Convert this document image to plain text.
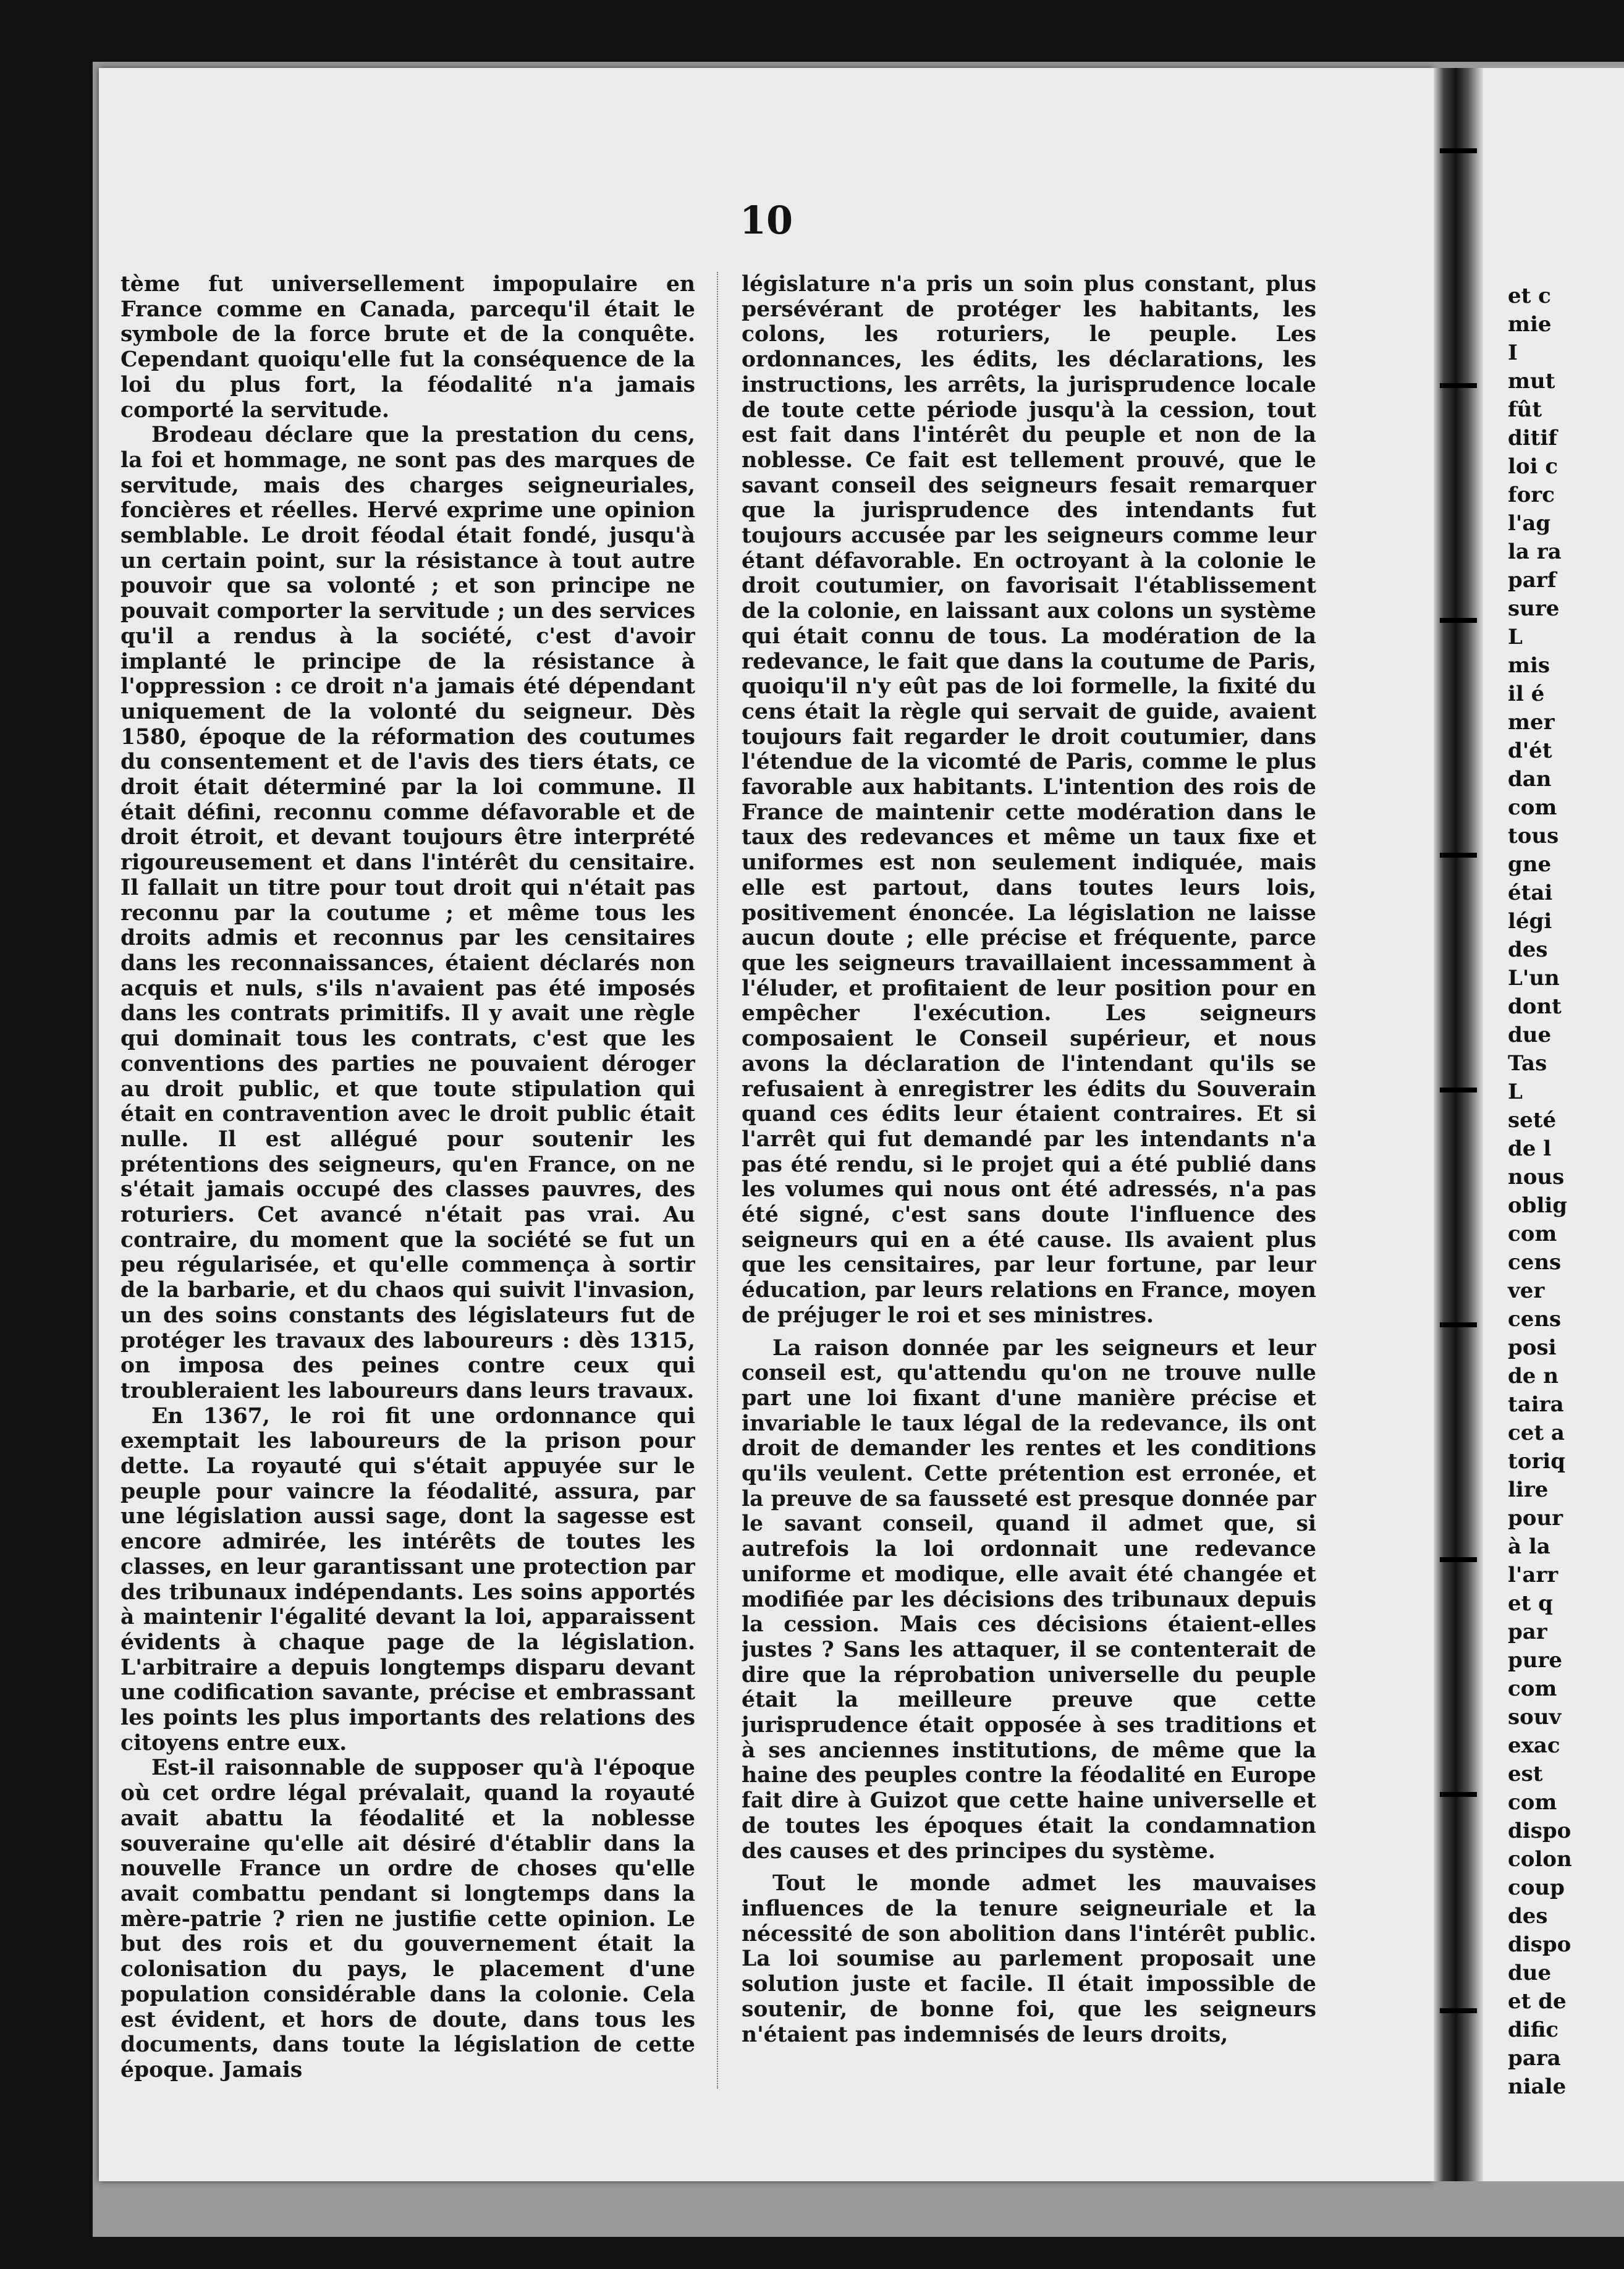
10

tème fut universellement impopulaire en France comme en Canada, parcequ'il était le symbole de la force brute et de la conquête. Cependant quoiqu'elle fut la conséquence de la loi du plus fort, la féodalité n'a jamais comporté la servitude.

Brodeau déclare que la prestation du cens, la foi et hommage, ne sont pas des marques de servitude, mais des charges seigneuriales, foncières et réelles. Hervé exprime une opinion semblable. Le droit féodal était fondé, jusqu'à un certain point, sur la résistance à tout autre pouvoir que sa volonté ; et son principe ne pouvait comporter la servitude ; un des services qu'il a rendus à la société, c'est d'avoir implanté le principe de la résistance à l'oppression : ce droit n'a jamais été dépendant uniquement de la volonté du seigneur. Dès 1580, époque de la réformation des coutumes du consentement et de l'avis des tiers états, ce droit était déterminé par la loi commune. Il était défini, reconnu comme défavorable et de droit étroit, et devant toujours être interprété rigoureusement et dans l'intérêt du censitaire. Il fallait un titre pour tout droit qui n'était pas reconnu par la coutume ; et même tous les droits admis et reconnus par les censitaires dans les reconnaissances, étaient déclarés non acquis et nuls, s'ils n'avaient pas été imposés dans les contrats primitifs. Il y avait une règle qui dominait tous les contrats, c'est que les conventions des parties ne pouvaient déroger au droit public, et que toute stipulation qui était en contravention avec le droit public était nulle. Il est allégué pour soutenir les prétentions des seigneurs, qu'en France, on ne s'était jamais occupé des classes pauvres, des roturiers. Cet avancé n'était pas vrai. Au contraire, du moment que la société se fut un peu régularisée, et qu'elle commença à sortir de la barbarie, et du chaos qui suivit l'invasion, un des soins constants des législateurs fut de protéger les travaux des laboureurs : dès 1315, on imposa des peines contre ceux qui troubleraient les laboureurs dans leurs travaux.

En 1367, le roi fit une ordonnance qui exemptait les laboureurs de la prison pour dette. La royauté qui s'était appuyée sur le peuple pour vaincre la féodalité, assura, par une législation aussi sage, dont la sagesse est encore admirée, les intérêts de toutes les classes, en leur garantissant une protection par des tribunaux indépendants. Les soins apportés à maintenir l'égalité devant la loi, apparaissent évidents à chaque page de la législation. L'arbitraire a depuis longtemps disparu devant une codification savante, précise et embrassant les points les plus importants des relations des citoyens entre eux.

Est-il raisonnable de supposer qu'à l'époque où cet ordre légal prévalait, quand la royauté avait abattu la féodalité et la noblesse souveraine qu'elle ait désiré d'établir dans la nouvelle France un ordre de choses qu'elle avait combattu pendant si longtemps dans la mère-patrie ? rien ne justifie cette opinion. Le but des rois et du gouvernement était la colonisation du pays, le placement d'une population considérable dans la colonie. Cela est évident, et hors de doute, dans tous les documents, dans toute la législation de cette époque. Jamais

législature n'a pris un soin plus constant, plus persévérant de protéger les habitants, les colons, les roturiers, le peuple. Les ordonnances, les édits, les déclarations, les instructions, les arrêts, la jurisprudence locale de toute cette période jusqu'à la cession, tout est fait dans l'intérêt du peuple et non de la noblesse. Ce fait est tellement prouvé, que le savant conseil des seigneurs fesait remarquer que la jurisprudence des intendants fut toujours accusée par les seigneurs comme leur étant défavorable. En octroyant à la colonie le droit coutumier, on favorisait l'établissement de la colonie, en laissant aux colons un système qui était connu de tous. La modération de la redevance, le fait que dans la coutume de Paris, quoiqu'il n'y eût pas de loi formelle, la fixité du cens était la règle qui servait de guide, avaient toujours fait regarder le droit coutumier, dans l'étendue de la vicomté de Paris, comme le plus favorable aux habitants. L'intention des rois de France de maintenir cette modération dans le taux des redevances et même un taux fixe et uniformes est non seulement indiquée, mais elle est partout, dans toutes leurs lois, positivement énoncée. La législation ne laisse aucun doute ; elle précise et fréquente, parce que les seigneurs travaillaient incessamment à l'éluder, et profitaient de leur position pour en empêcher l'exécution. Les seigneurs composaient le Conseil supérieur, et nous avons la déclaration de l'intendant qu'ils se refusaient à enregistrer les édits du Souverain quand ces édits leur étaient contraires. Et si l'arrêt qui fut demandé par les intendants n'a pas été rendu, si le projet qui a été publié dans les volumes qui nous ont été adressés, n'a pas été signé, c'est sans doute l'influence des seigneurs qui en a été cause. Ils avaient plus que les censitaires, par leur fortune, par leur éducation, par leurs relations en France, moyen de préjuger le roi et ses ministres.

La raison donnée par les seigneurs et leur conseil est, qu'attendu qu'on ne trouve nulle part une loi fixant d'une manière précise et invariable le taux légal de la redevance, ils ont droit de demander les rentes et les conditions qu'ils veulent. Cette prétention est erronée, et la preuve de sa fausseté est presque donnée par le savant conseil, quand il admet que, si autrefois la loi ordonnait une redevance uniforme et modique, elle avait été changée et modifiée par les décisions des tribunaux depuis la cession. Mais ces décisions étaient-elles justes ? Sans les attaquer, il se contenterait de dire que la réprobation universelle du peuple était la meilleure preuve que cette jurisprudence était opposée à ses traditions et à ses anciennes institutions, de même que la haine des peuples contre la féodalité en Europe fait dire à Guizot que cette haine universelle et de toutes les époques était la condamnation des causes et des principes du système.

Tout le monde admet les mauvaises influences de la tenure seigneuriale et la nécessité de son abolition dans l'intérêt public. La loi soumise au parlement proposait une solution juste et facile. Il était impossible de soutenir, de bonne foi, que les seigneurs n'étaient pas indemnisés de leurs droits,

et c
mie
I
mut
fût
ditif
loi c
forc
l'ag
la ra
parf
sure
L
mis
il é
mer
d'ét
dan
com
tous
gne
étai
légi
des
L'un
dont
due
Tas
L
seté
de l
nous
oblig
com
cens
ver
cens
posi
de n
taira
cet a
toriq
lire
pour
à la
l'arr
et q
par
pure
com
souv
exac
est
com
dispo
colon
coup
des
dispo
due
et de
dific
para
niale
